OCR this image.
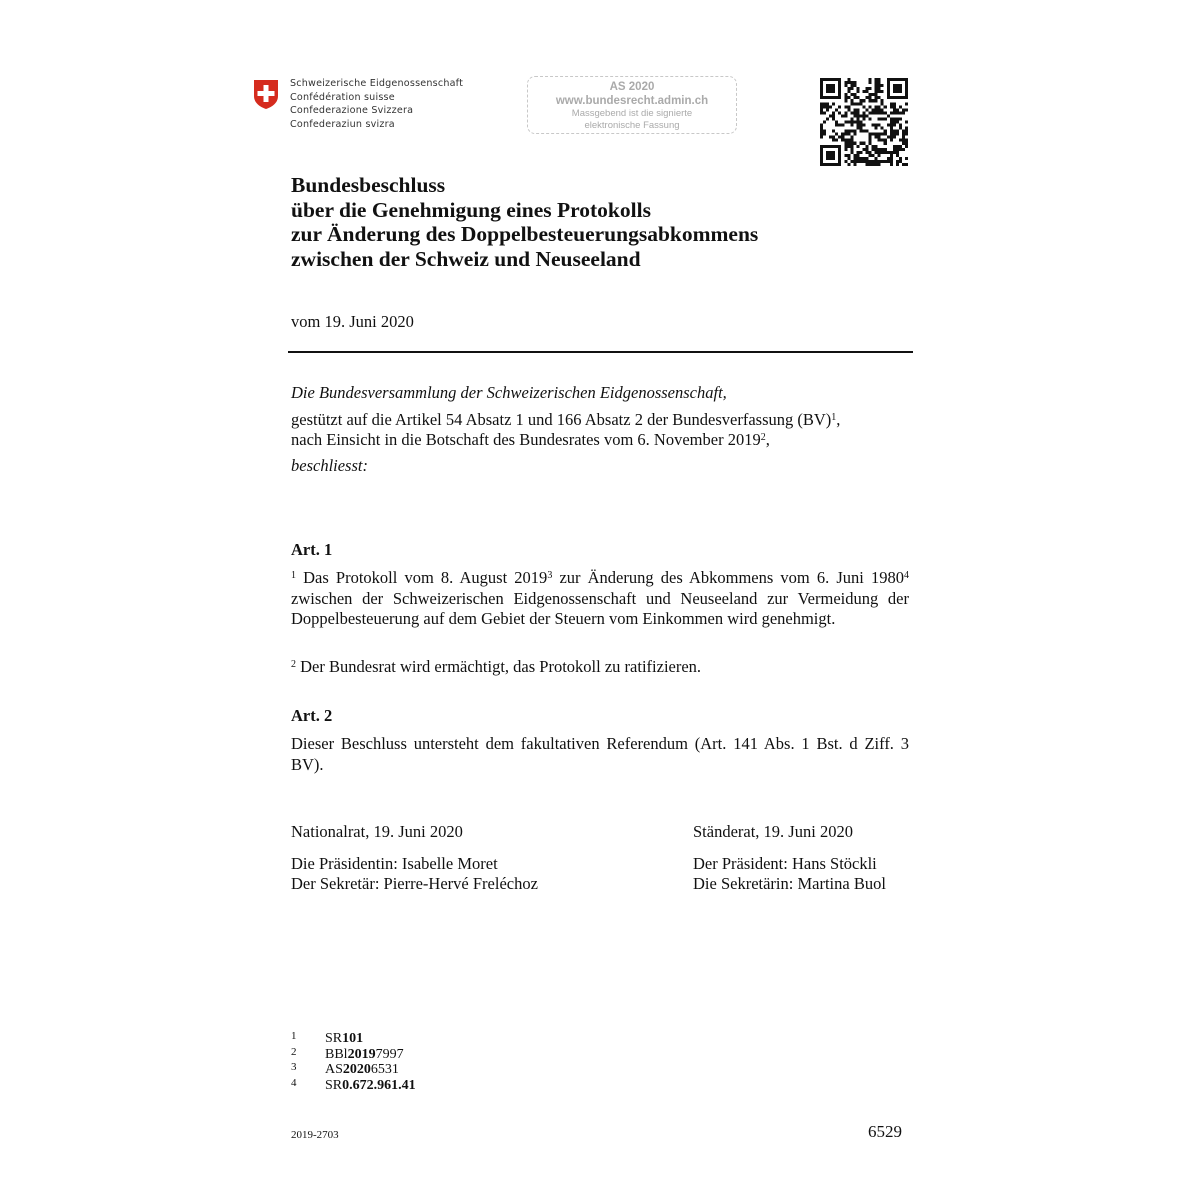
Schweizerische Eidgenossenschaft
Confédération suisse
Confederazione Svizzera
Confederaziun svizra
AS 2020
www.bundesrecht.admin.ch
Massgebend ist die signierte
elektronische Fassung
Bundesbeschluss
über die Genehmigung eines Protokolls
zur Änderung des Doppelbesteuerungsabkommens
zwischen der Schweiz und Neuseeland
vom 19. Juni 2020
Die Bundesversammlung der Schweizerischen Eidgenossenschaft,
gestützt auf die Artikel 54 Absatz 1 und 166 Absatz 2 der Bundesverfassung (BV)$^1$,
nach Einsicht in die Botschaft des Bundesrates vom 6. November 2019$^2$,
beschliesst:
Art. 1
$^1$ Das Protokoll vom 8. August 2019$^3$ zur Änderung des Abkommens vom 6. Juni 1980$^4$ zwischen der Schweizerischen Eidgenossenschaft und Neuseeland zur Vermeidung der Doppelbesteuerung auf dem Gebiet der Steuern vom Einkommen wird genehmigt.
$^2$ Der Bundesrat wird ermächtigt, das Protokoll zu ratifizieren.
Art. 2
Dieser Beschluss untersteht dem fakultativen Referendum (Art. 141 Abs. 1 Bst. d Ziff. 3 BV).
Nationalrat, 19. Juni 2020
Die Präsidentin: Isabelle Moret
Der Sekretär: Pierre-Hervé Freléchoz
Ständerat, 19. Juni 2020
Der Präsident: Hans Stöckli
Die Sekretärin: Martina Buol
1	SR 101
2	BBl 2019 7997
3	AS 2020 6531
4	SR 0.672.961.41
2019-2703	6529
